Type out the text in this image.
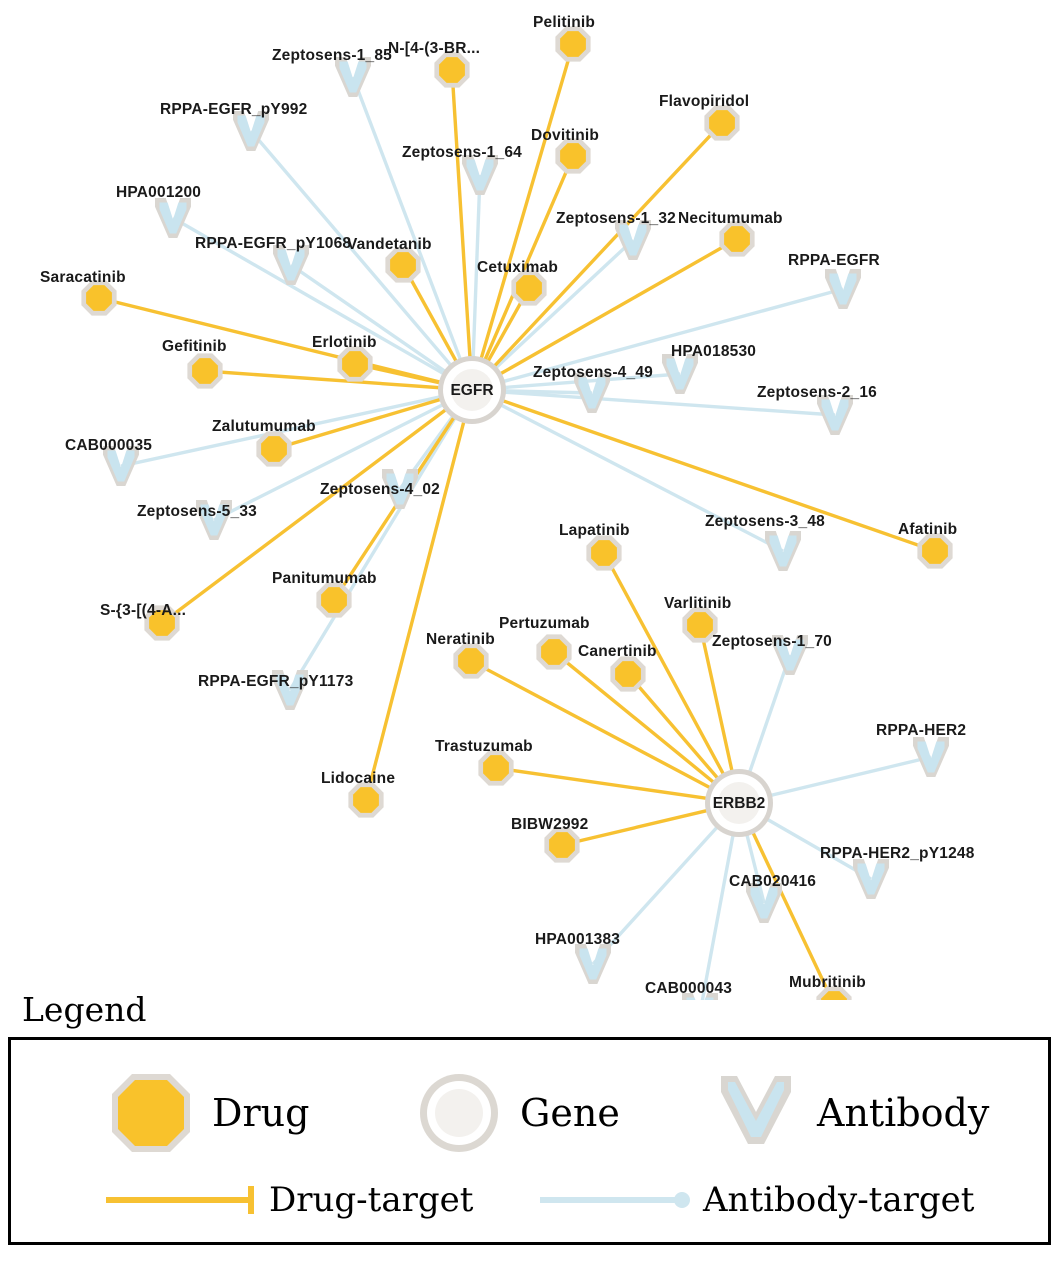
Pelitinib
N-[4-(3-BR...
Flavopiridol
Dovitinib
Necitumumab
Vandetanib
Cetuximab
Saracatinib
Erlotinib
Gefitinib
Zalutumumab
Afatinib
Lapatinib
Panitumumab
Varlitinib
S-{3-[(4-A...
Neratinib
Pertuzumab
Canertinib
Trastuzumab
Lidocaine
BIBW2992
Mubritinib
Zeptosens-1_85
RPPA-EGFR_pY992
Zeptosens-1_64
HPA001200
Zeptosens-1_32
RPPA-EGFR_pY1068
RPPA-EGFR
HPA018530
Zeptosens-4_49
Zeptosens-2_16
CAB000035
Zeptosens-4_02
Zeptosens-5_33
Zeptosens-3_48
Zeptosens-1_70
RPPA-EGFR_pY1173
RPPA-HER2
RPPA-HER2_pY1248
CAB020416
HPA001383
CAB000043
EGFR
ERBB2
Legend
Drug	Gene	Antibody
Drug-target	Antibody-target
